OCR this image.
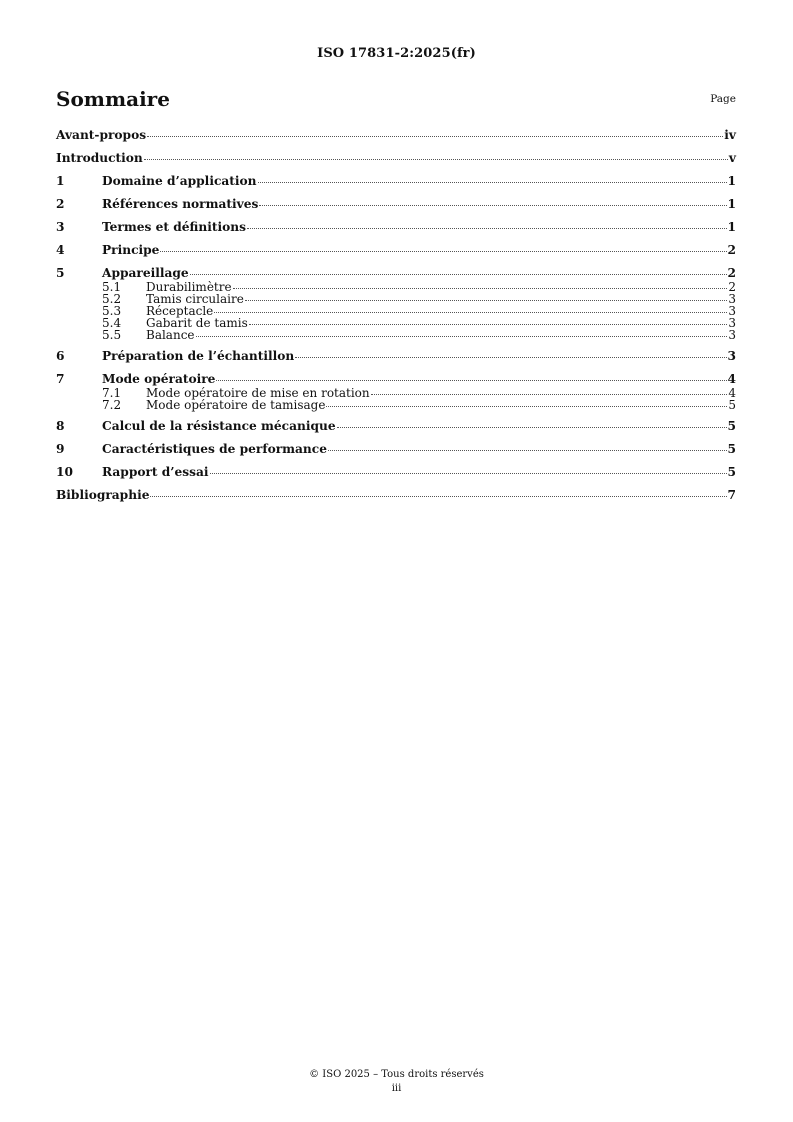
ISO 17831-2:2025(fr)
Sommaire	Page
Avant-propos	iv
Introduction	v
1	Domaine d’application	1
2	Références normatives	1
3	Termes et définitions	1
4	Principe	2
5	Appareillage	2
5.1	Durabilimètre	2
5.2	Tamis circulaire	3
5.3	Réceptacle	3
5.4	Gabarit de tamis	3
5.5	Balance	3
6	Préparation de l’échantillon	3
7	Mode opératoire	4
7.1	Mode opératoire de mise en rotation	4
7.2	Mode opératoire de tamisage	5
8	Calcul de la résistance mécanique	5
9	Caractéristiques de performance	5
10	Rapport d’essai	5
Bibliographie	7
© ISO 2025 – Tous droits réservés
iii
